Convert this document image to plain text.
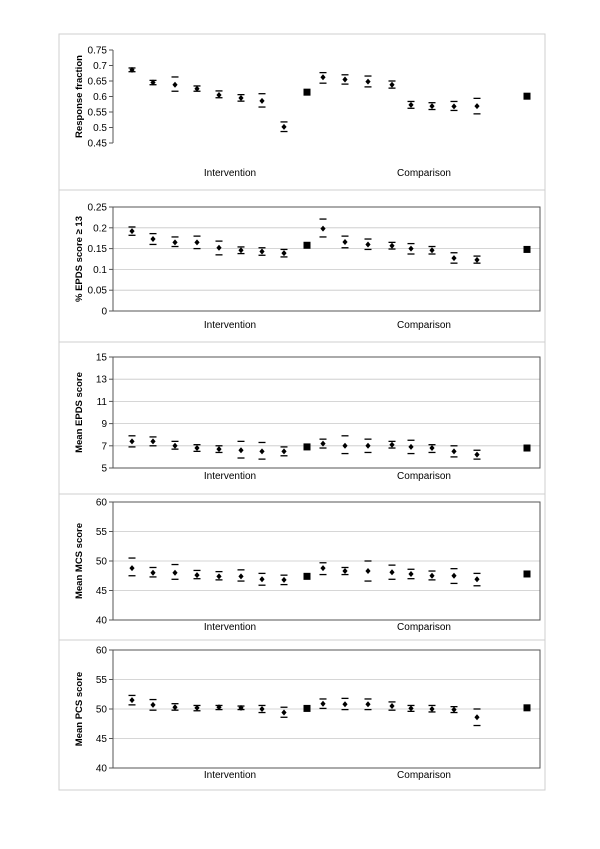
0.45
0.5
0.55
0.6
0.65
0.7
0.75
Response fraction
Intervention	Comparison
0
0.05
0.1
0.15
0.2
0.25
% EPDS score ≥ 13
Intervention	Comparison
5
7
9
11
13
15
Mean EPDS score
Intervention	Comparison
40
45
50
55
60
Mean MCS score
Intervention	Comparison
40
45
50
55
60
Mean PCS score
Intervention	Comparison
